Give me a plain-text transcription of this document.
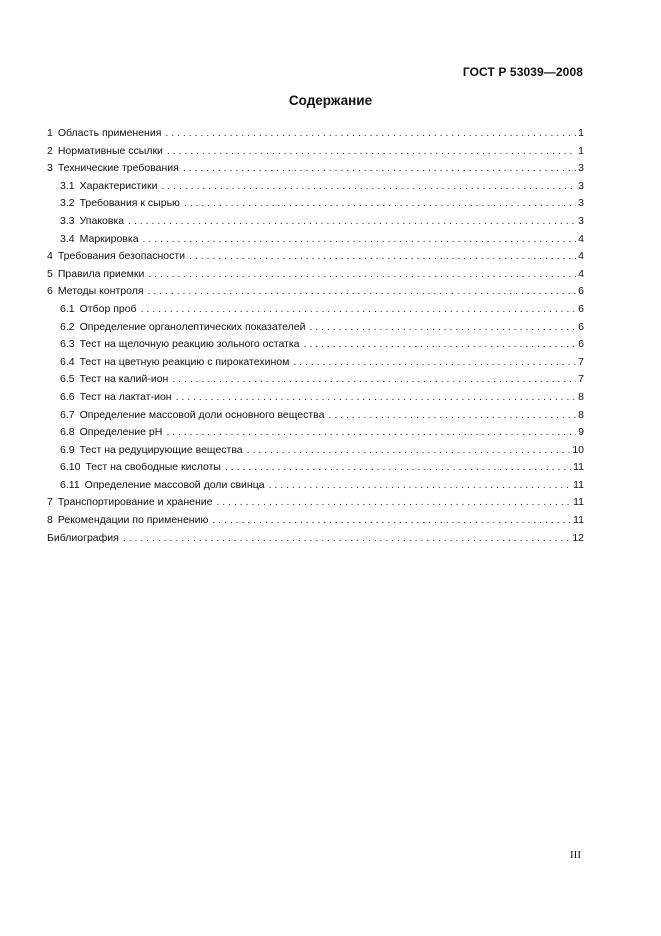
ГОСТ Р 53039—2008
Содержание
1 Область применения . . .	1
2 Нормативные ссылки . . .	1
3 Технические требования . . .	3
3.1 Характеристики . . .	3
3.2 Требования к сырью . . .	3
3.3 Упаковка . . .	3
3.4 Маркировка . . .	4
4 Требования безопасности . . .	4
5 Правила приемки . . .	4
6 Методы контроля . . .	6
6.1 Отбор проб . . .	6
6.2 Определение органолептических показателей . . .	6
6.3 Тест на щелочную реакцию зольного остатка . . .	6
6.4 Тест на цветную реакцию с пирокатехином . . .	7
6.5 Тест на калий-ион . . .	7
6.6 Тест на лактат-ион . . .	8
6.7 Определение массовой доли основного вещества . . .	8
6.8 Определение pH . . .	9
6.9 Тест на редуцирующие вещества . . .	10
6.10 Тест на свободные кислоты . . .	11
6.11 Определение массовой доли свинца . . .	11
7 Транспортирование и хранение . . .	11
8 Рекомендации по применению . . .	11
Библиография . . .	12
III
